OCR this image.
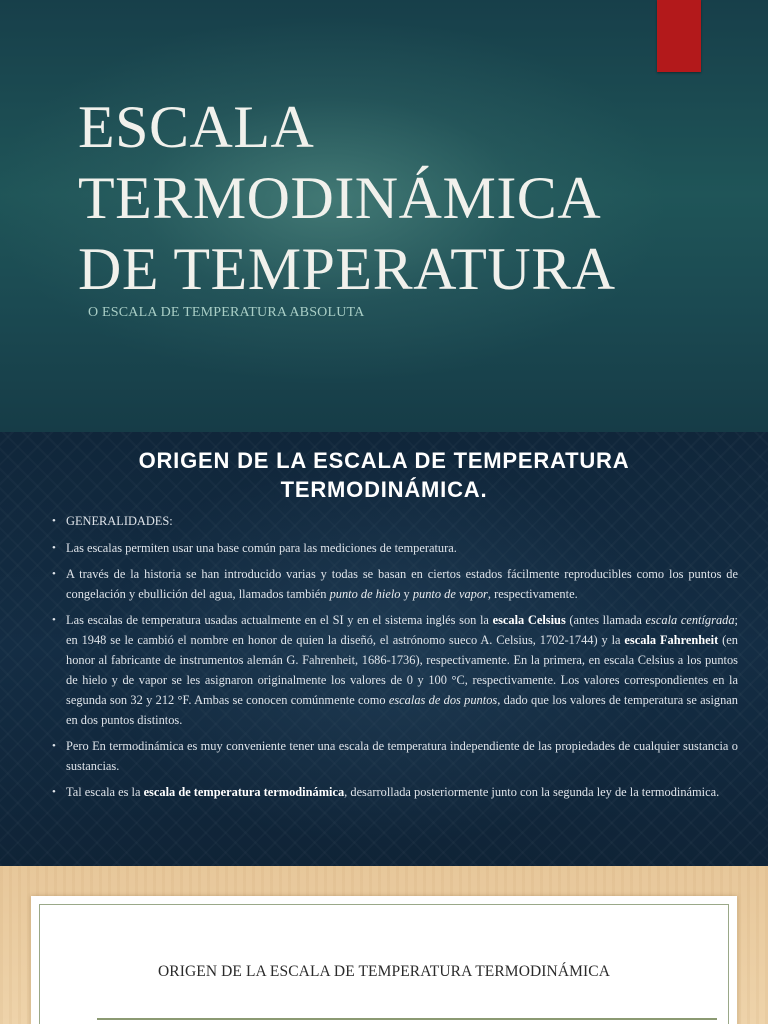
ESCALA
TERMODINÁMICA
DE TEMPERATURA
O ESCALA DE TEMPERATURA ABSOLUTA
ORIGEN DE LA ESCALA DE TEMPERATURA TERMODINÁMICA.
• GENERALIDADES:
• Las escalas permiten usar una base común para las mediciones de temperatura.
• A través de la historia se han introducido varias y todas se basan en ciertos estados fácilmente reproducibles como los puntos de congelación y ebullición del agua, llamados también punto de hielo y punto de vapor, respectivamente.
• Las escalas de temperatura usadas actualmente en el SI y en el sistema inglés son la escala Celsius (antes llamada escala centígrada; en 1948 se le cambió el nombre en honor de quien la diseñó, el astrónomo sueco A. Celsius, 1702-1744) y la escala Fahrenheit (en honor al fabricante de instrumentos alemán G. Fahrenheit, 1686-1736), respectivamente. En la primera, en escala Celsius a los puntos de hielo y de vapor se les asignaron originalmente los valores de 0 y 100 °C, respectivamente. Los valores correspondientes en la segunda son 32 y 212 °F. Ambas se conocen comúnmente como escalas de dos puntos, dado que los valores de temperatura se asignan en dos puntos distintos.
• Pero En termodinámica es muy conveniente tener una escala de temperatura independiente de las propiedades de cualquier sustancia o sustancias.
• Tal escala es la escala de temperatura termodinámica, desarrollada posteriormente junto con la segunda ley de la termodinámica.
ORIGEN DE LA ESCALA DE TEMPERATURA TERMODINÁMICA
